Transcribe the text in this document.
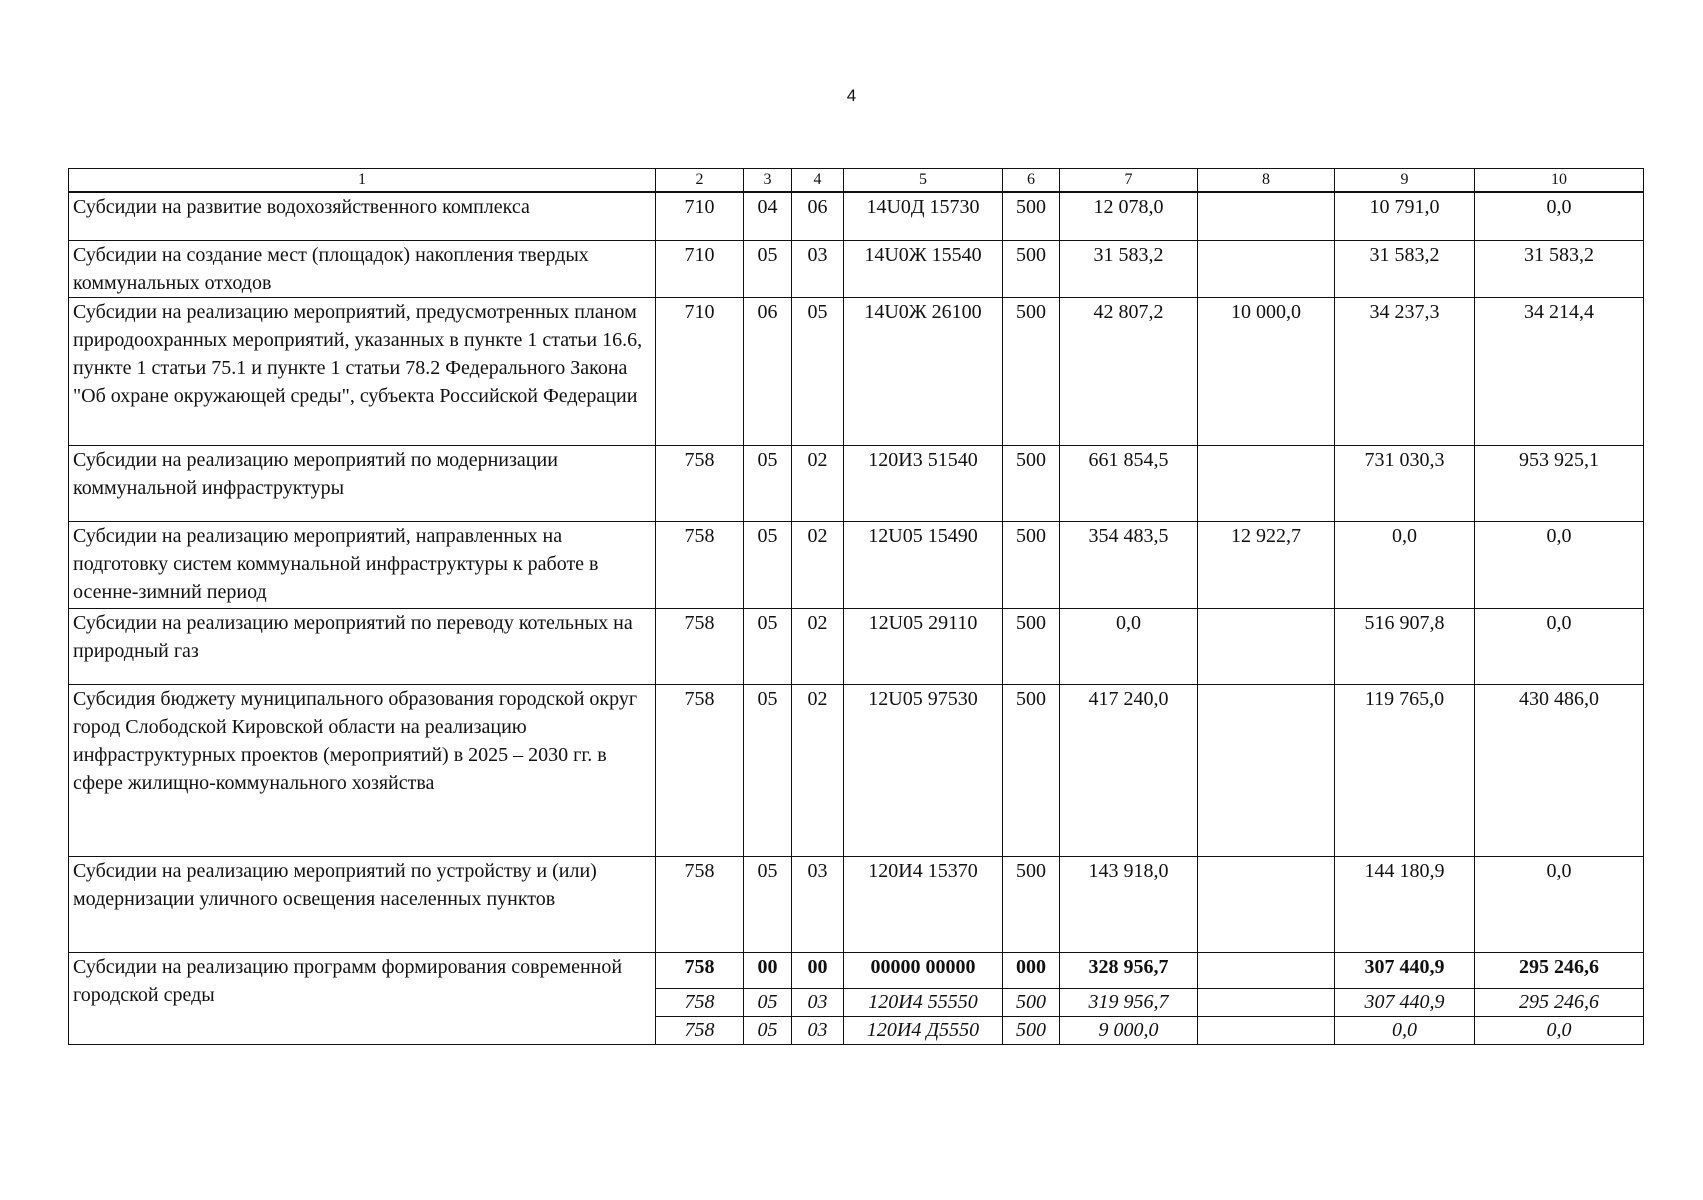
4
1	2	3	4	5	6	7	8	9	10
Субсидии на развитие водохозяйственного комплекса	710	04	06	14U0Д 15730	500	12 078,0		10 791,0	0,0
Субсидии на создание мест (площадок) накопления твердых коммунальных отходов	710	05	03	14U0Ж 15540	500	31 583,2		31 583,2	31 583,2
Субсидии на реализацию мероприятий, предусмотренных планом природоохранных мероприятий, указанных в пункте 1 статьи 16.6, пункте 1 статьи 75.1 и пункте 1 статьи 78.2 Федерального Закона "Об охране окружающей среды", субъекта Российской Федерации	710	06	05	14U0Ж 26100	500	42 807,2	10 000,0	34 237,3	34 214,4
Субсидии на реализацию мероприятий по модернизации коммунальной инфраструктуры	758	05	02	120И3 51540	500	661 854,5		731 030,3	953 925,1
Субсидии на реализацию мероприятий, направленных на подготовку систем коммунальной инфраструктуры к работе в осенне-зимний период	758	05	02	12U05 15490	500	354 483,5	12 922,7	0,0	0,0
Субсидии на реализацию мероприятий по переводу котельных на природный газ	758	05	02	12U05 29110	500	0,0		516 907,8	0,0
Субсидия бюджету муниципального образования городской округ город Слободской Кировской области на реализацию инфраструктурных проектов (мероприятий) в 2025 – 2030 гг. в сфере жилищно-коммунального хозяйства	758	05	02	12U05 97530	500	417 240,0		119 765,0	430 486,0
Субсидии на реализацию мероприятий по устройству и (или) модернизации уличного освещения населенных пунктов	758	05	03	120И4 15370	500	143 918,0		144 180,9	0,0
Субсидии на реализацию программ формирования современной городской среды	758	00	00	00000 00000	000	328 956,7		307 440,9	295 246,6
	758	05	03	120И4 55550	500	319 956,7		307 440,9	295 246,6
	758	05	03	120И4 Д5550	500	9 000,0		0,0	0,0
